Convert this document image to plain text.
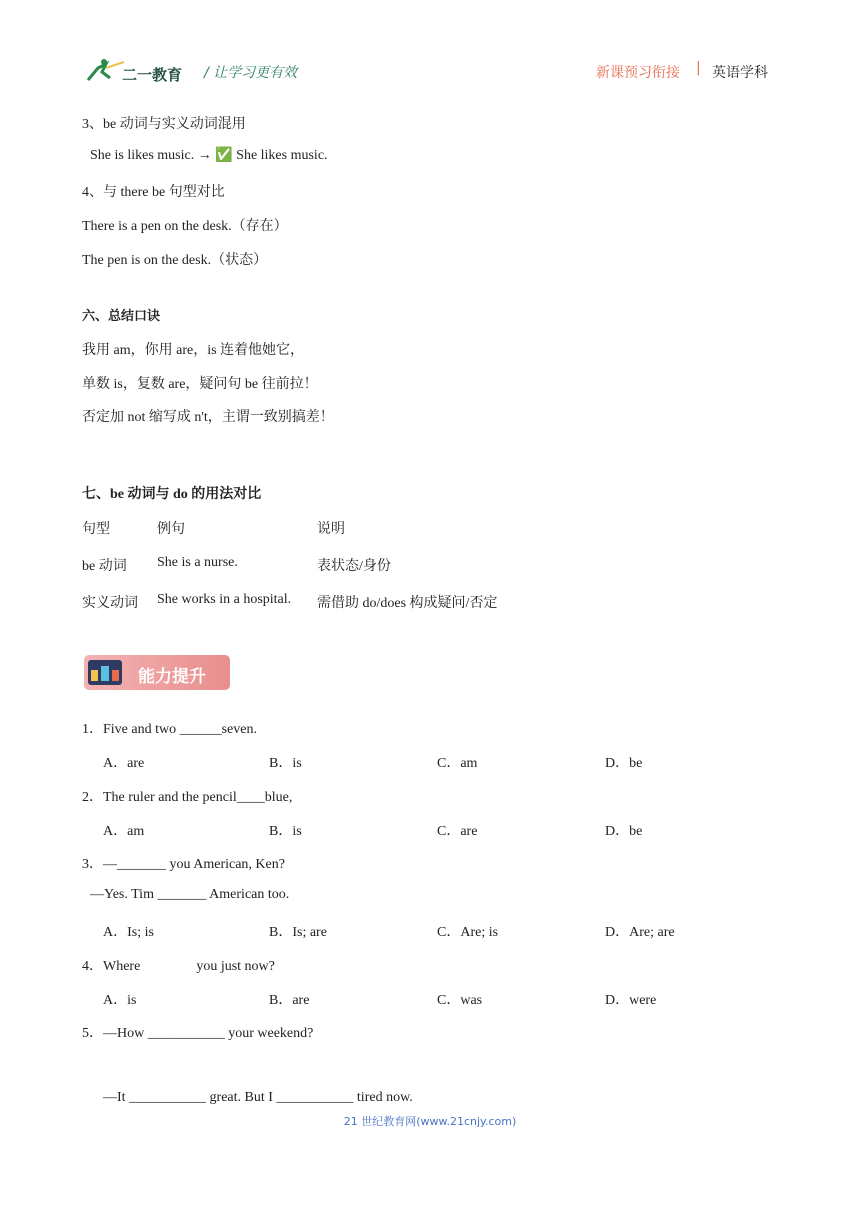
二一教育 / 让学习更有效	新课预习衔接 | 英语学科
3、be 动词与实义动词混用
She is likes music. → ✅ She likes music.
4、与 there be 句型对比
There is a pen on the desk.（存在）
The pen is on the desk.（状态）
六、总结口诀
我用 am，你用 are，is 连着他她它，
单数 is，复数 are，疑问句 be 往前拉！
否定加 not 缩写成 n't，主谓一致别搞差！
七、be 动词与 do 的用法对比
句型	例句	说明
be 动词 She is a nurse.	表状态/身份
实义动词 She works in a hospital. 需借助 do/does 构成疑问/否定
能力提升
1．Five and two ______seven.
A．are	B．is	C．am	D．be
2．The ruler and the pencil____blue,
A．am	B．is	C．are	D．be
3．—_______ you American, Ken?
—Yes. Tim _______ American too.
A．Is; is	B．Is; are	C．Are; is	D．Are; are
4．Where	you just now?
A．is	B．are	C．was	D．were
5．—How ___________ your weekend?
—It ___________ great. But I ___________ tired now.
21 世纪教育网(www.21cnjy.com)
